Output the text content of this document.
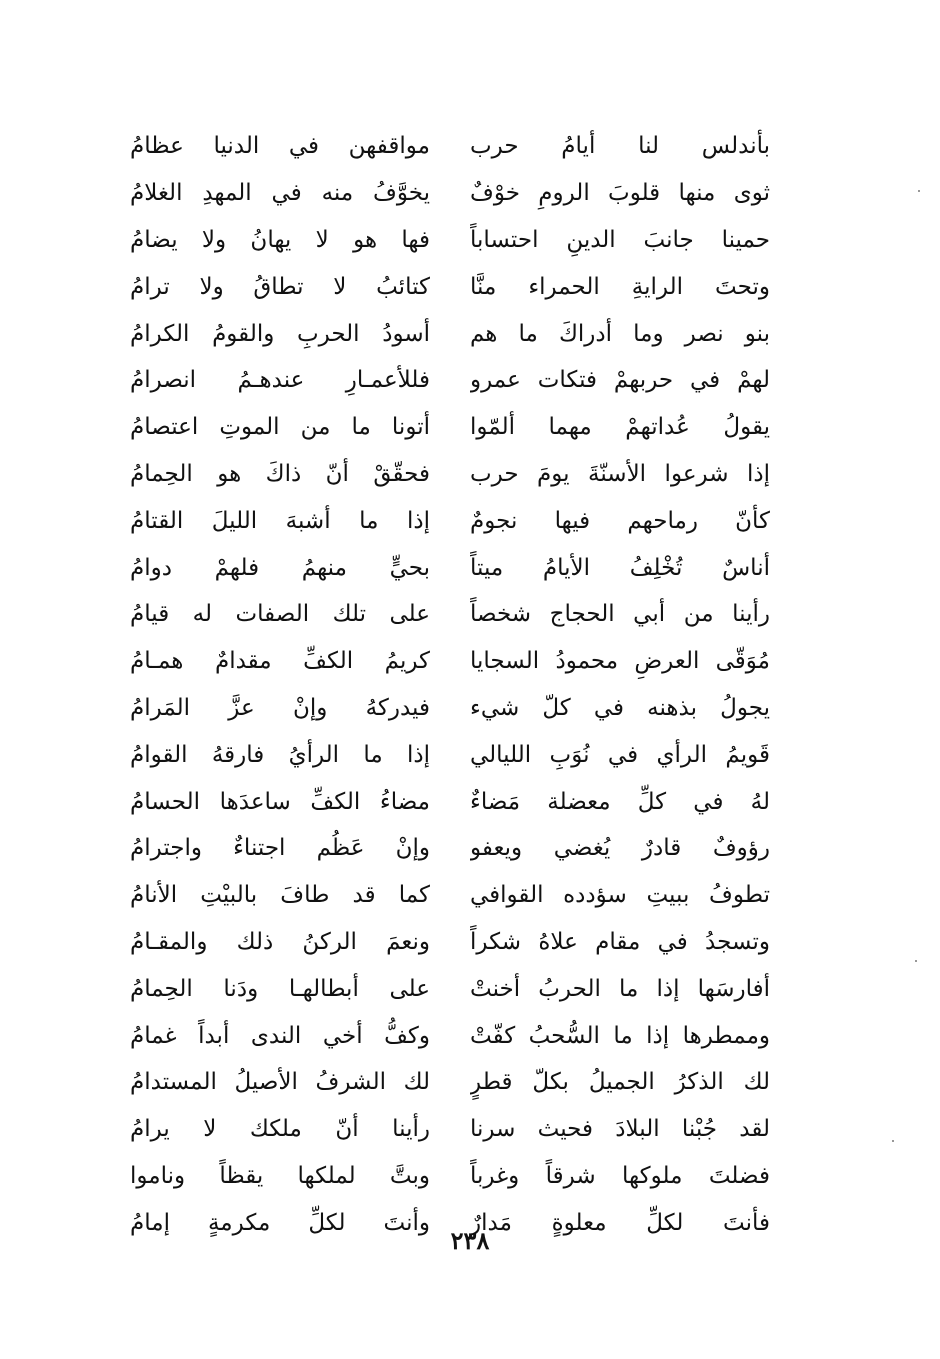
بأندلس لنا أيامُ حرب
مواقفهن في الدنيا عظامُ
ثوى منها قلوبَ الرومِ خوْفٌ
يخوَّفُ منه في المهدِ الغلامُ
حمينا جانبَ الدينِ احتساباً
فها هو لا يهانُ ولا يضامُ
وتحتَ الرايةِ الحمراء منَّا
كتائبُ لا تطاقُ ولا ترامُ
بنو نصر وما أدراكَ ما هم
أسودُ الحربِ والقومُ الكرامُ
لهمْ في حربهمْ فتكات عمرو
فللأعمـارِ عندهـمُ انصرامُ
يقولُ عُداتهمْ مهما ألمّوا
أتونا ما من الموتِ اعتصامُ
إذا شرعوا الأسنّةَ يومَ حرب
فحقّقْ أنّ ذاكَ هو الحِمامُ
كأنّ رماحهم فيها نجومٌ
إذا ما أشبهَ الليلَ القتامُ
أناسٌ تُخْلِفُ الأيامُ ميتاً
بحيٍّ منهمُ فلهمْ دوامُ
رأينا من أبي الحجاج شخصاً
على تلك الصفات له قيامُ
مُوَقّى العرضِ محمودُ السجايا
كريمُ الكفِّ مقدامٌ همـامُ
يجولُ بذهنه في كلّ شيء
فيدركهُ وإنْ عزَّ المَرامُ
قَويمُ الرأي في نُوَبِ الليالي
إذا ما الرأيُ فارقهُ القوامُ
لهُ في كلِّ معضلة مَضاءٌ
مضاءُ الكفِّ ساعدَها الحسامُ
رؤوفٌ قادرٌ يُغضي ويعفو
وإنْ عَظُم اجتناءٌ واجترامُ
تطوفُ ببيتِ سؤدده القوافي
كما قد طافَ بالبيْتِ الأنامُ
وتسجدُ في مقام علاهُ شكراً
ونعمَ الركنُ ذلك والمقـامُ
أفارسَها إذا ما الحربُ أخنتْ
على أبطالهـا ودَنا الحِمامُ
وممطرها إذا ما السُّحبُ كفّتْ
وكفُّ أخي الندى أبداً غمامُ
لك الذكرُ الجميلُ بكلّ قطرٍ
لك الشرفُ الأصيلُ المستدامُ
لقد جُبْنا البلادَ فحيث سرنا
رأينا أنّ ملكك لا يرامُ
فضلتَ ملوكها شرقاً وغرباً
وبتَّ لملكها يقظاً وناموا
فأنتَ لكلِّ معلوةٍ مَدارٌ
وأنتَ لكلِّ مكرمةٍ إمامُ
٢٣٨
